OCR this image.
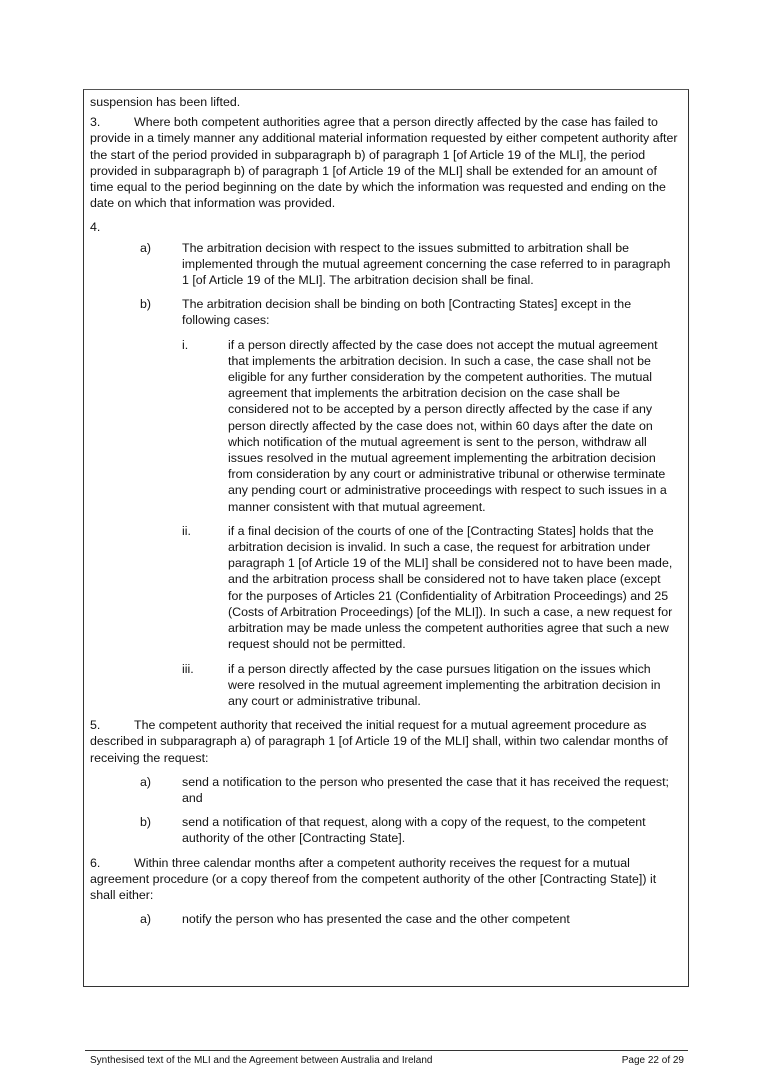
suspension has been lifted.

3.	Where both competent authorities agree that a person directly affected by the case has failed to provide in a timely manner any additional material information requested by either competent authority after the start of the period provided in subparagraph b) of paragraph 1 [of Article 19 of the MLI], the period provided in subparagraph b) of paragraph 1 [of Article 19 of the MLI] shall be extended for an amount of time equal to the period beginning on the date by which the information was requested and ending on the date on which that information was provided.

4.

a)	The arbitration decision with respect to the issues submitted to arbitration shall be implemented through the mutual agreement concerning the case referred to in paragraph 1 [of Article 19 of the MLI]. The arbitration decision shall be final.
b)	The arbitration decision shall be binding on both [Contracting States] except in the following cases:
i.	if a person directly affected by the case does not accept the mutual agreement that implements the arbitration decision. In such a case, the case shall not be eligible for any further consideration by the competent authorities. The mutual agreement that implements the arbitration decision on the case shall be considered not to be accepted by a person directly affected by the case if any person directly affected by the case does not, within 60 days after the date on which notification of the mutual agreement is sent to the person, withdraw all issues resolved in the mutual agreement implementing the arbitration decision from consideration by any court or administrative tribunal or otherwise terminate any pending court or administrative proceedings with respect to such issues in a manner consistent with that mutual agreement.
ii.	if a final decision of the courts of one of the [Contracting States] holds that the arbitration decision is invalid. In such a case, the request for arbitration under paragraph 1 [of Article 19 of the MLI] shall be considered not to have been made, and the arbitration process shall be considered not to have taken place (except for the purposes of Articles 21 (Confidentiality of Arbitration Proceedings) and 25 (Costs of Arbitration Proceedings) [of the MLI]). In such a case, a new request for arbitration may be made unless the competent authorities agree that such a new request should not be permitted.
iii.	if a person directly affected by the case pursues litigation on the issues which were resolved in the mutual agreement implementing the arbitration decision in any court or administrative tribunal.

5.	The competent authority that received the initial request for a mutual agreement procedure as described in subparagraph a) of paragraph 1 [of Article 19 of the MLI] shall, within two calendar months of receiving the request:

a)	send a notification to the person who presented the case that it has received the request; and
b)	send a notification of that request, along with a copy of the request, to the competent authority of the other [Contracting State].

6.	Within three calendar months after a competent authority receives the request for a mutual agreement procedure (or a copy thereof from the competent authority of the other [Contracting State]) it shall either:

a)	notify the person who has presented the case and the other competent
Synthesised text of the MLI and the Agreement between Australia and Ireland	Page 22 of 29
